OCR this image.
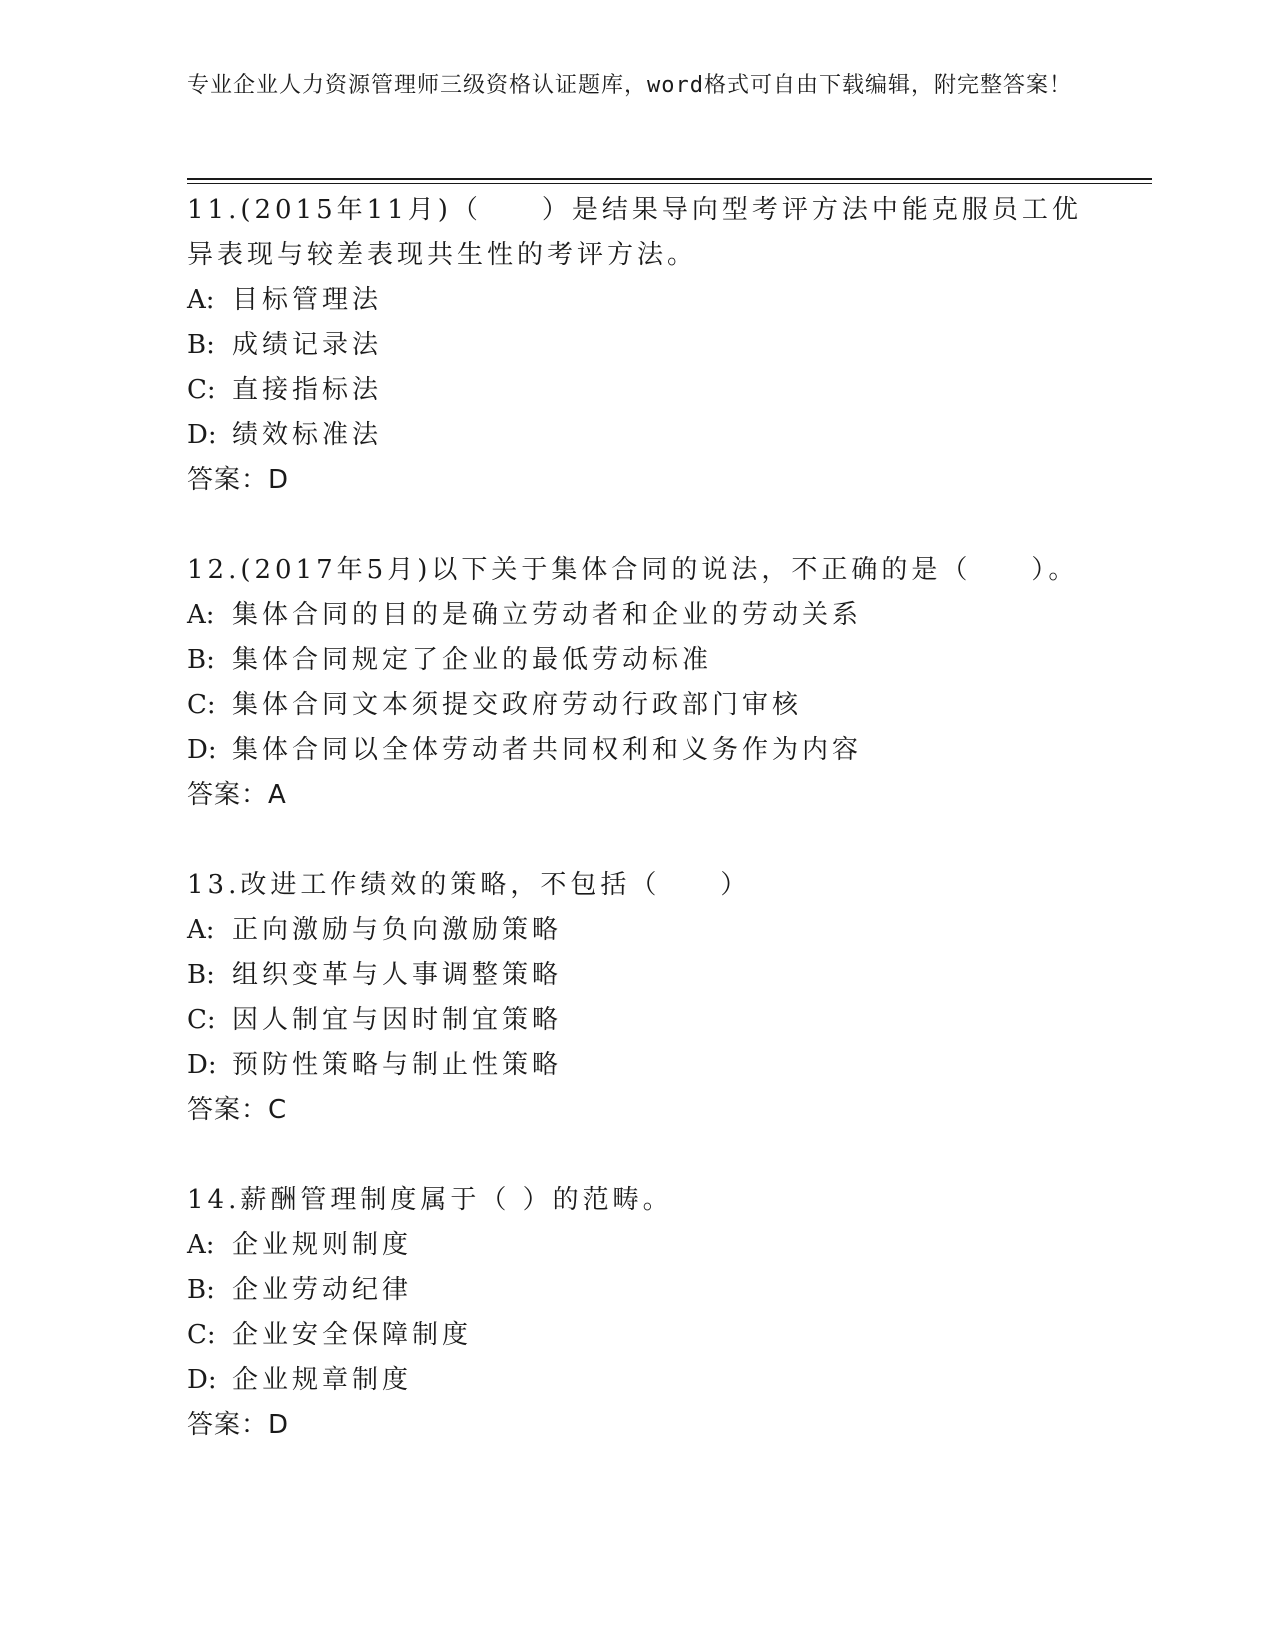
专业企业人力资源管理师三级资格认证题库，word格式可自由下载编辑，附完整答案！
11.(2015年11月)（　　）是结果导向型考评方法中能克服员工优异表现与较差表现共生性的考评方法。
A: 目标管理法
B: 成绩记录法
C: 直接指标法
D: 绩效标准法
答案：D
12.(2017年5月)以下关于集体合同的说法，不正确的是（　　）。
A: 集体合同的目的是确立劳动者和企业的劳动关系
B: 集体合同规定了企业的最低劳动标准
C: 集体合同文本须提交政府劳动行政部门审核
D: 集体合同以全体劳动者共同权利和义务作为内容
答案：A
13.改进工作绩效的策略，不包括（　　）
A: 正向激励与负向激励策略
B: 组织变革与人事调整策略
C: 因人制宜与因时制宜策略
D: 预防性策略与制止性策略
答案：C
14.薪酬管理制度属于（ ）的范畴。
A: 企业规则制度
B: 企业劳动纪律
C: 企业安全保障制度
D: 企业规章制度
答案：D
